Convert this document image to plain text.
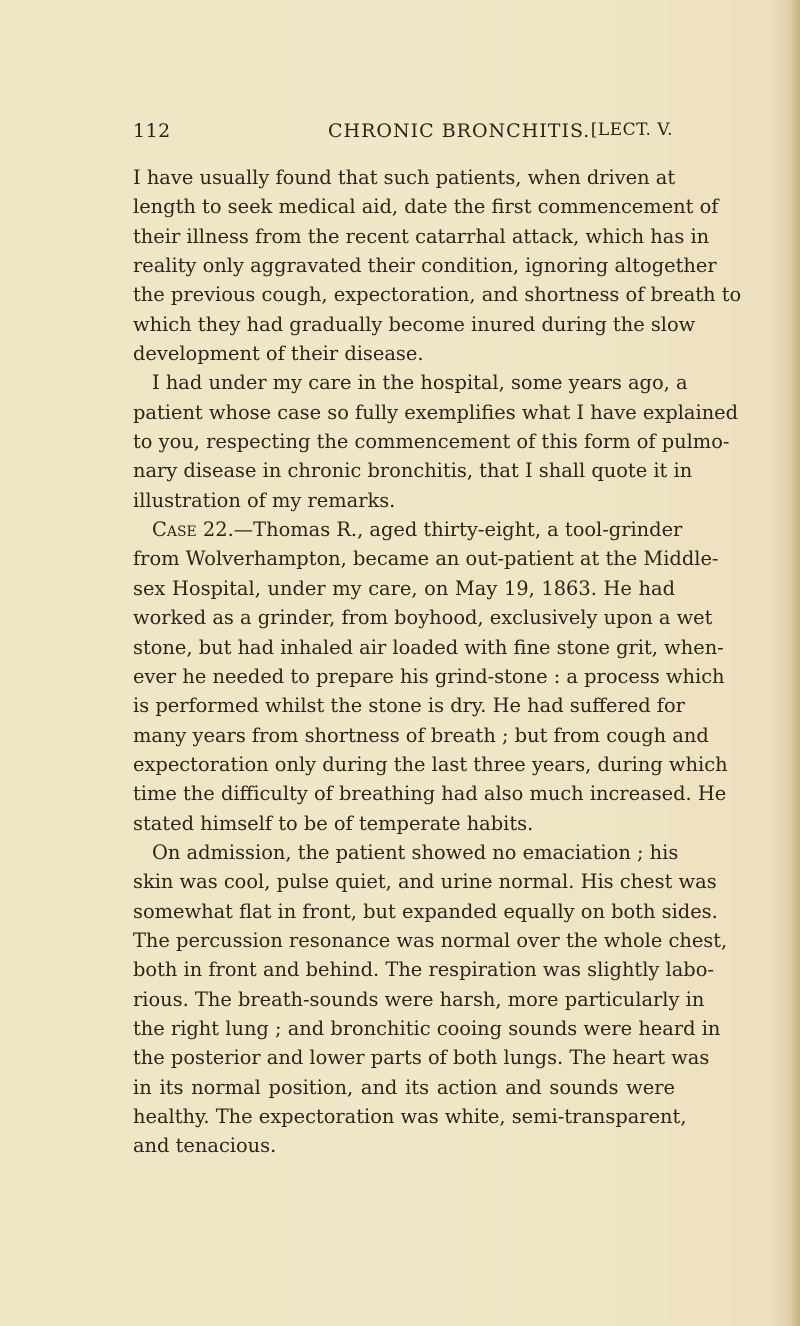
112	CHRONIC BRONCHITIS. [LECT. V.
I have usually found that such patients, when driven at
length to seek medical aid, date the first commencement of
their illness from the recent catarrhal attack, which has in
reality only aggravated their condition, ignoring altogether
the previous cough, expectoration, and shortness of breath to
which they had gradually become inured during the slow
development of their disease.
I had under my care in the hospital, some years ago, a
patient whose case so fully exemplifies what I have explained
to you, respecting the commencement of this form of pulmo-
nary disease in chronic bronchitis, that I shall quote it in
illustration of my remarks.
Case 22.—Thomas R., aged thirty-eight, a tool-grinder
from Wolverhampton, became an out-patient at the Middle-
sex Hospital, under my care, on May 19, 1863. He had
worked as a grinder, from boyhood, exclusively upon a wet
stone, but had inhaled air loaded with fine stone grit, when-
ever he needed to prepare his grind-stone : a process which
is performed whilst the stone is dry. He had suffered for
many years from shortness of breath ; but from cough and
expectoration only during the last three years, during which
time the difficulty of breathing had also much increased. He
stated himself to be of temperate habits.
On admission, the patient showed no emaciation ; his
skin was cool, pulse quiet, and urine normal. His chest was
somewhat flat in front, but expanded equally on both sides.
The percussion resonance was normal over the whole chest,
both in front and behind. The respiration was slightly labo-
rious. The breath-sounds were harsh, more particularly in
the right lung ; and bronchitic cooing sounds were heard in
the posterior and lower parts of both lungs. The heart was
in its normal position, and its action and sounds were
healthy. The expectoration was white, semi-transparent,
and tenacious.
